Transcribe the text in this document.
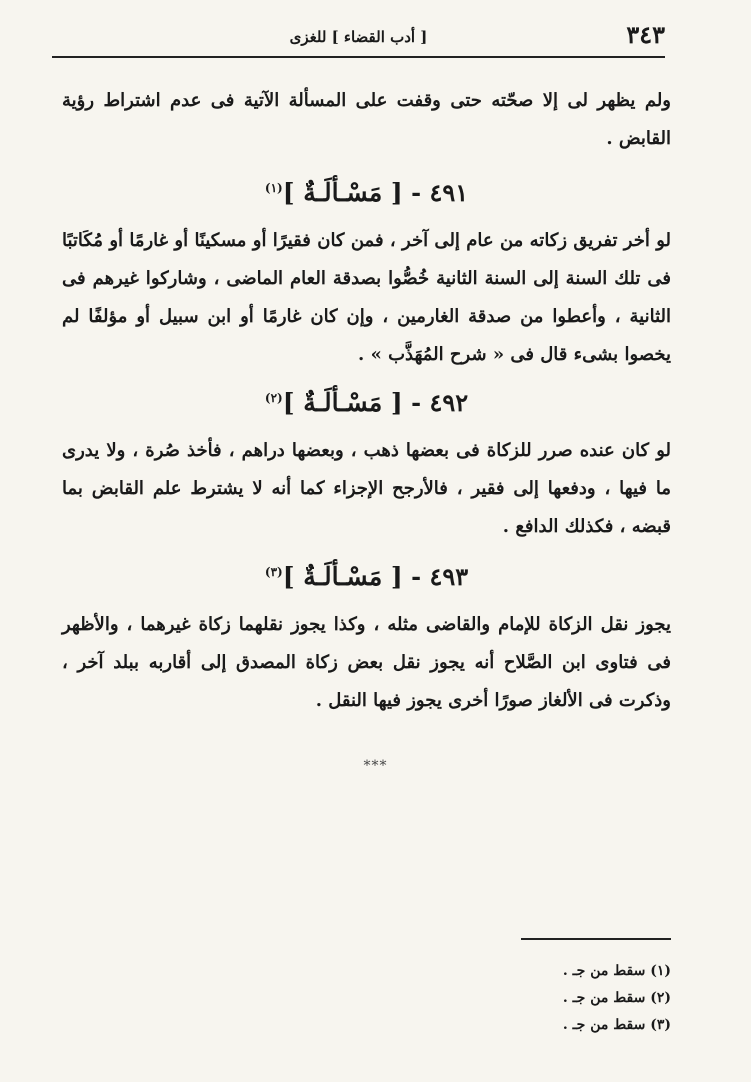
٣٤٣
[ أدب القضاء ] للغزى

ولم يظهر لى إلا صحّته حتى وقفت على المسألة الآتية فى عدم اشتراط رؤية القابض .

٤٩١ - [ مَسْـألَـةٌ ]$^{(١)}$

لو أخر تفريق زكاته من عام إلى آخر ، فمن كان فقيرًا أو مسكينًا أو غارمًا أو مُكَاتبًا فى تلك السنة إلى السنة الثانية خُصُّوا بصدقة العام الماضى ، وشاركوا غيرهم فى الثانية ، وأعطوا من صدقة الغارمين ، وإن كان غارمًا أو ابن سبيل أو مؤلفًا لم يخصوا بشىء قال فى « شرح المُهَذَّب » .

٤٩٢ - [ مَسْـألَـةٌ ]$^{(٢)}$

لو كان عنده صرر للزكاة فى بعضها ذهب ، وبعضها دراهم ، فأخذ صُرة ، ولا يدرى ما فيها ، ودفعها إلى فقير ، فالأرجح الإجزاء كما أنه لا يشترط علم القابض بما قبضه ، فكذلك الدافع .

٤٩٣ - [ مَسْـألَـةٌ ]$^{(٣)}$

يجوز نقل الزكاة للإمام والقاضى مثله ، وكذا يجوز نقلهما زكاة غيرهما ، والأظهر فى فتاوى ابن الصَّلاح أنه يجوز نقل بعض زكاة المصدق إلى أقاربه ببلد آخر ، وذكرت فى الألغاز صورًا أخرى يجوز فيها النقل .

***
(١) سقط من جـ .
(٢) سقط من جـ .
(٣) سقط من جـ .
